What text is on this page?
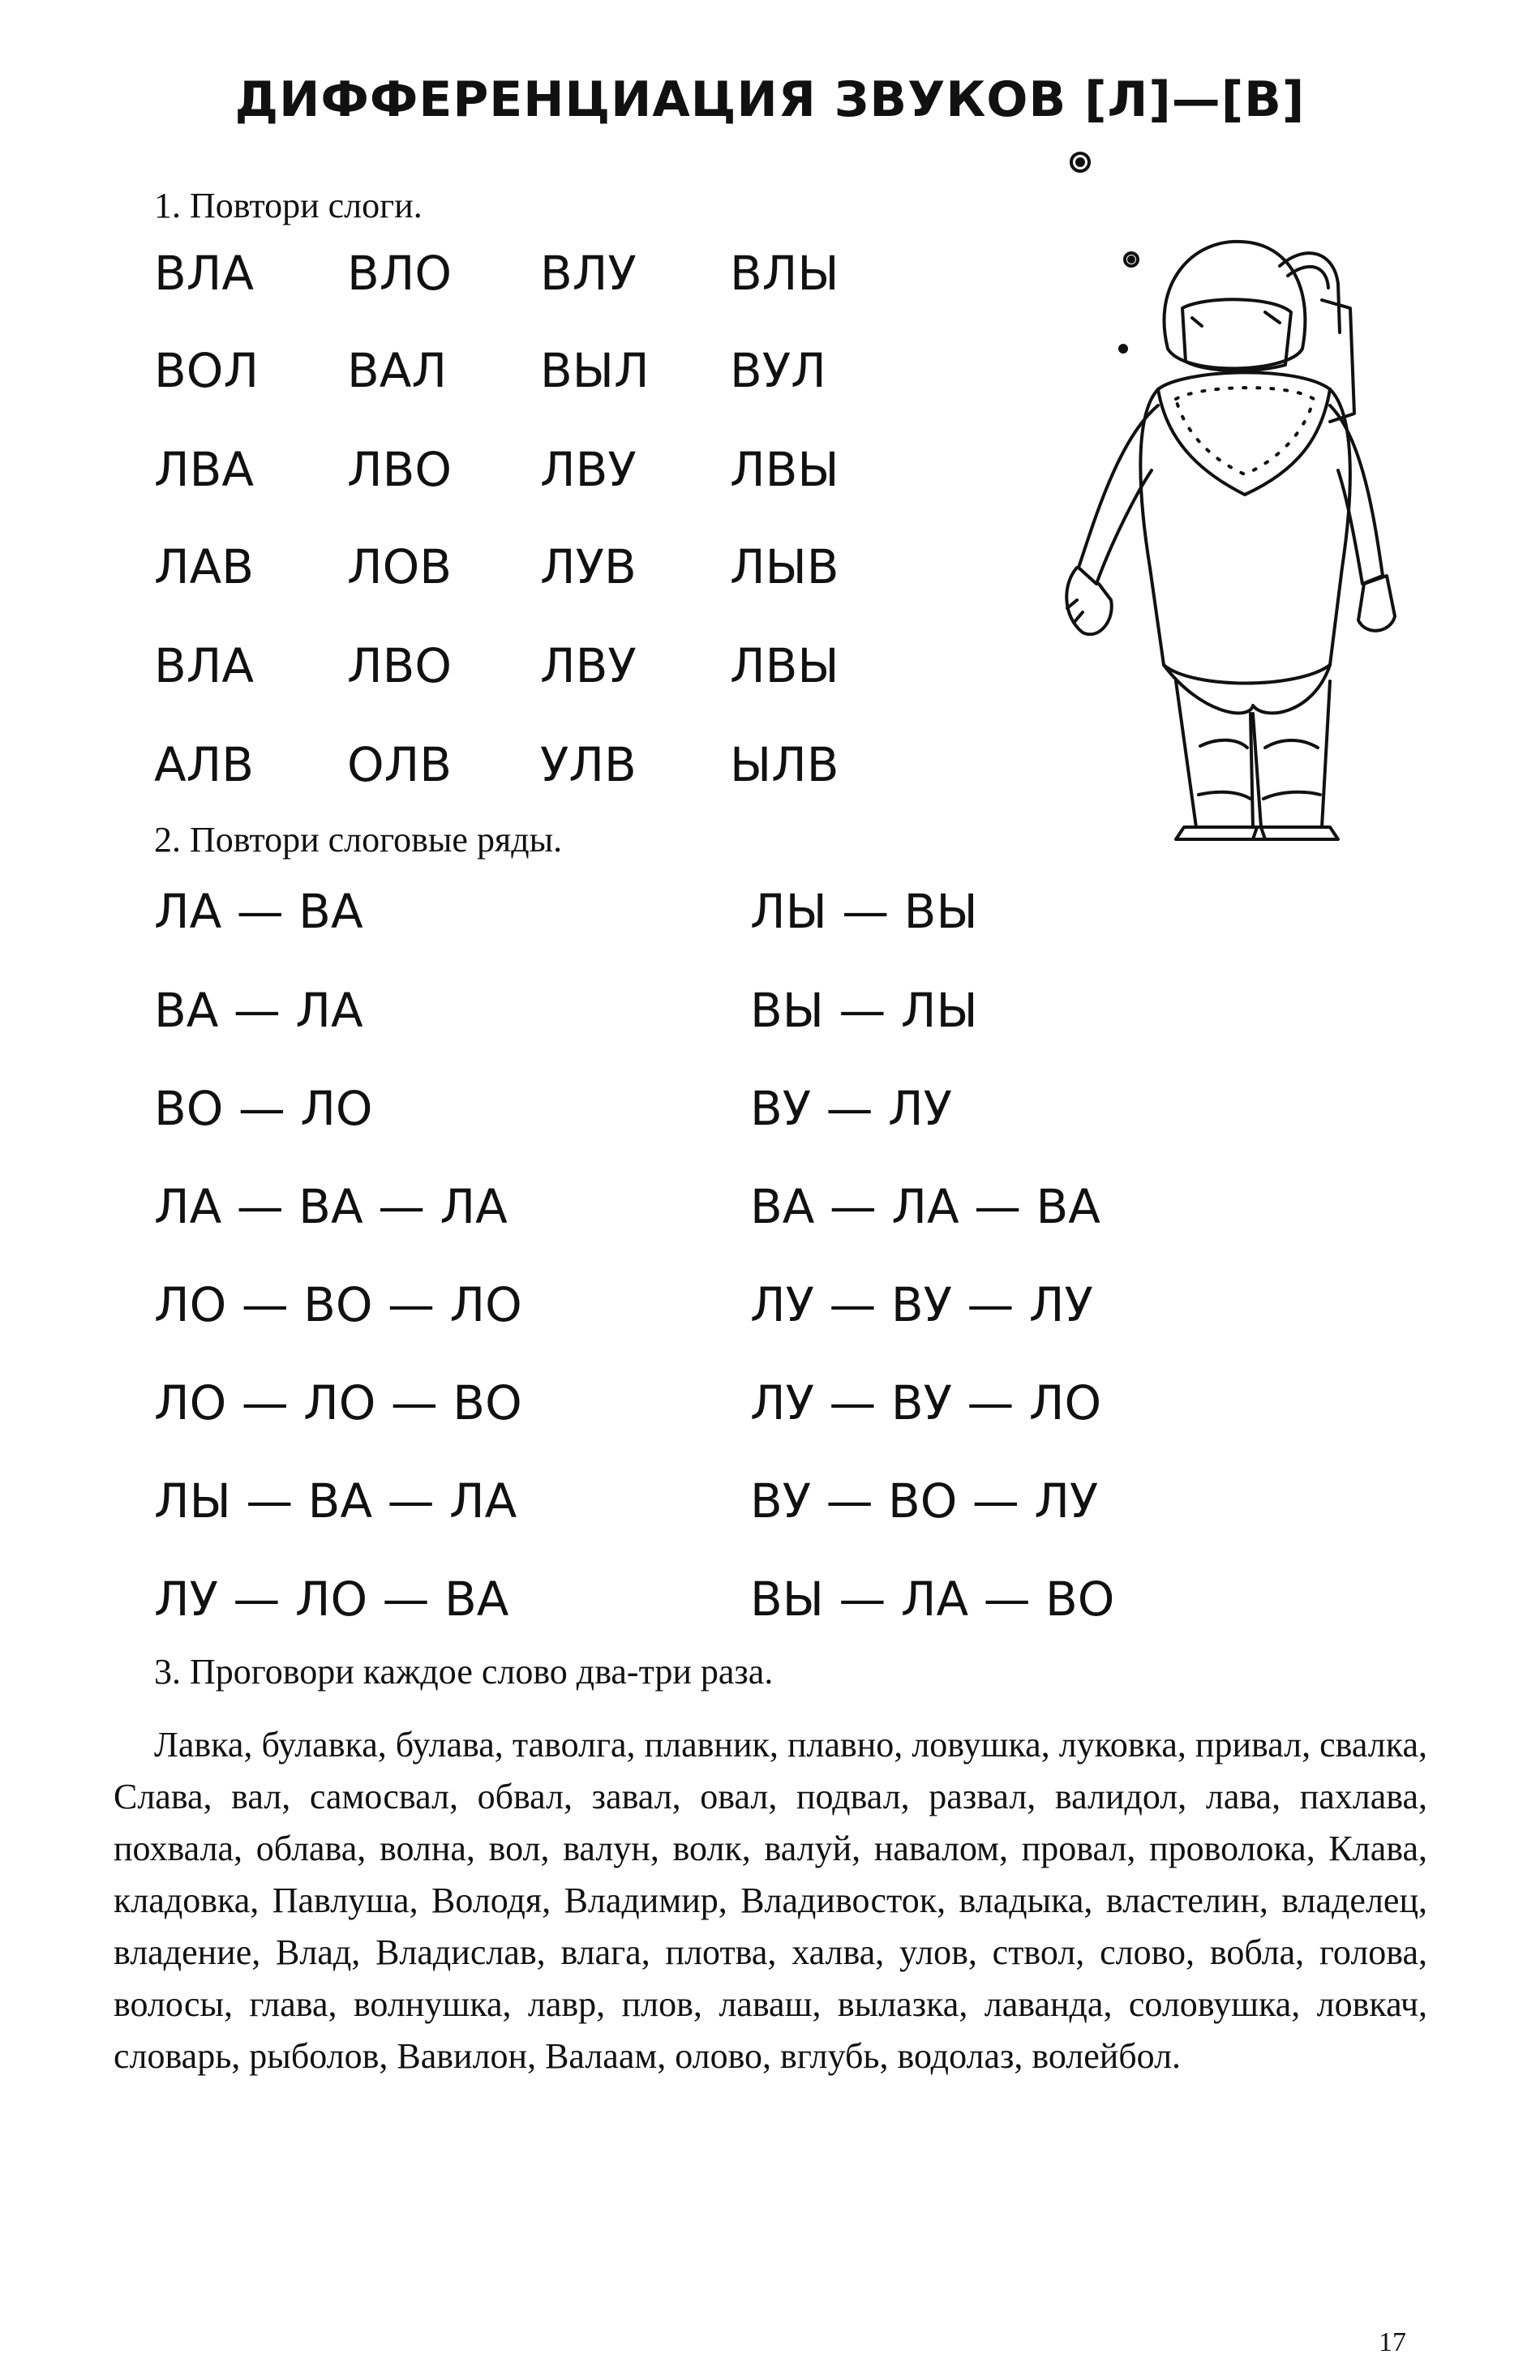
ДИФФЕРЕНЦИАЦИЯ ЗВУКОВ [Л]—[В]
1. Повтори слоги.
ВЛА ВЛО ВЛУ ВЛЫ
ВОЛ ВАЛ ВЫЛ ВУЛ
ЛВА ЛВО ЛВУ ЛВЫ
ЛАВ ЛОВ ЛУВ ЛЫВ
ВЛА ЛВО ЛВУ ЛВЫ
АЛВ ОЛВ УЛВ ЫЛВ
2. Повтори слоговые ряды.
ЛА — ВА
ВА — ЛА
ВО — ЛО
ЛА — ВА — ЛА
ЛО — ВО — ЛО
ЛО — ЛО — ВО
ЛЫ — ВА — ЛА
ЛУ — ЛО — ВА
ЛЫ — ВЫ
ВЫ — ЛЫ
ВУ — ЛУ
ВА — ЛА — ВА
ЛУ — ВУ — ЛУ
ЛУ — ВУ — ЛО
ВУ — ВО — ЛУ
ВЫ — ЛА — ВО
3. Проговори каждое слово два-три раза.

Лавка, булавка, булава, таволга, плавник, плавно, ловушка, луковка, привал, свалка, Слава, вал, самосвал, обвал, завал, овал, подвал, развал, валидол, лава, пахлава, похвала, облава, волна, вол, валун, волк, валуй, навалом, провал, проволока, Клава, кладовка, Павлуша, Володя, Владимир, Владивосток, владыка, властелин, владелец, владение, Влад, Владислав, влага, плотва, халва, улов, ствол, слово, вобла, голова, волосы, глава, волнушка, лавр, плов, лаваш, вылазка, лаванда, соловушка, ловкач, словарь, рыболов, Вавилон, Валаам, олово, вглубь, водолаз, волейбол.

17
